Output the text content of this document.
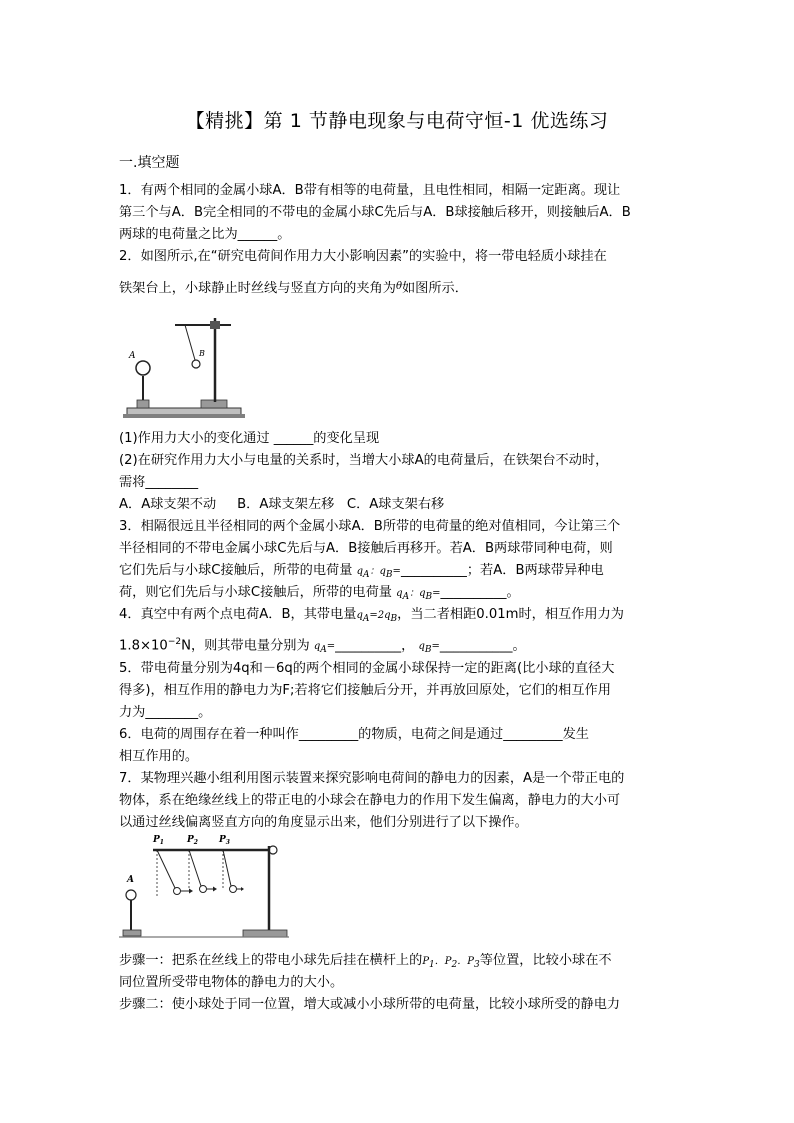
【精挑】第 1 节静电现象与电荷守恒-1 优选练习
一.填空题
1．有两个相同的金属小球A．B带有相等的电荷量，且电性相同，相隔一定距离。现让
第三个与A．B完全相同的不带电的金属小球C先后与A．B球接触后移开，则接触后A．B
两球的电荷量之比为______。
2．如图所示,在“研究电荷间作用力大小影响因素”的实验中，将一带电轻质小球挂在
铁架台上，小球静止时丝线与竖直方向的夹角为$^\theta$如图所示．
A	B
(1)作用力大小的变化通过 ______的变化呈现
(2)在研究作用力大小与电量的关系时，当增大小球A的电荷量后，在铁架台不动时，
需将________
A．A球支架不动     B．A球支架左移   C．A球支架右移
3．相隔很远且半径相同的两个金属小球A．B所带的电荷量的绝对值相同，今让第三个
半径相同的不带电金属小球C先后与A．B接触后再移开。若A．B两球带同种电荷，则
它们先后与小球C接触后，所带的电荷量 $q_A$：$q_B=\_\_\_\_\_\_\_\_\_\_$；若A．B两球带异种电
荷，则它们先后与小球C接触后，所带的电荷量 $q_A$：$q_B=\_\_\_\_\_\_\_\_\_\_$。
4．真空中有两个点电荷A．B，其带电量$q_A=2q_B$，当二者相距0.01m时，相互作用力为
$1.8\times 10^{-2}N$，则其带电量分别为 $q_A=\_\_\_\_\_\_\_\_\_\_$， $q_B=\_\_\_\_\_\_\_\_\_\_\_$。
5．带电荷量分别为4q和－6q的两个相同的金属小球保持一定的距离(比小球的直径大
得多)，相互作用的静电力为F;若将它们接触后分开，并再放回原处，它们的相互作用
力为________。
6．电荷的周围存在着一种叫作_________的物质，电荷之间是通过_________发生
相互作用的。
7．某物理兴趣小组利用图示装置来探究影响电荷间的静电力的因素，A是一个带正电的
物体，系在绝缘丝线上的带正电的小球会在静电力的作用下发生偏离，静电力的大小可
以通过丝线偏离竖直方向的角度显示出来，他们分别进行了以下操作。
$P_1$	$P_2$ $P_3$
A
步骤一：把系在丝线上的带电小球先后挂在横杆上的$P_1$．$P_2$．$P_3$等位置，比较小球在不
同位置所受带电物体的静电力的大小。
步骤二：使小球处于同一位置，增大或减小小球所带的电荷量，比较小球所受的静电力
